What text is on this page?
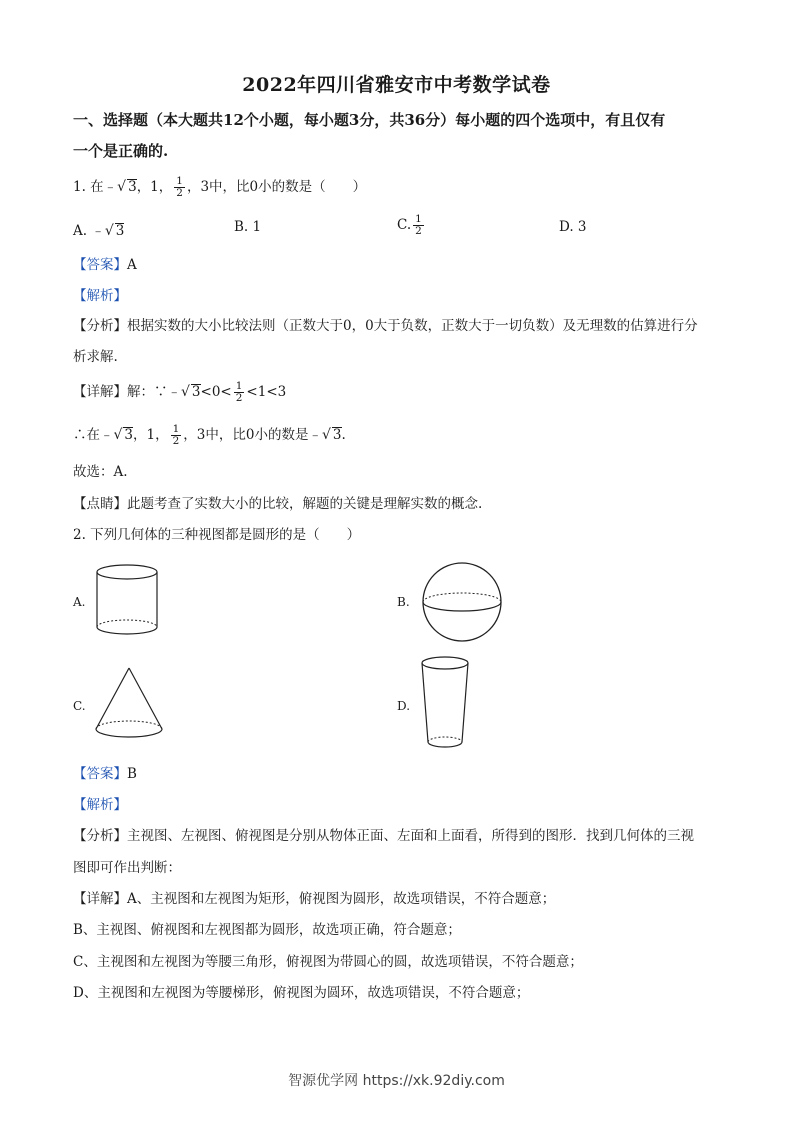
2022年四川省雅安市中考数学试卷
一、选择题（本大题共12个小题，每小题3分，共36分）每小题的四个选项中，有且仅有
一个是正确的.
1. 在﹣√ 3，1， $\frac{1}{2}$ ，3中，比0小的数是（　　）
A. ﹣√ 3	B. 1	C. $\frac{1}{2}$	D. 3
【答案】A
【解析】
【分析】根据实数的大小比较法则（正数大于0，0大于负数，正数大于一切负数）及无理数的估算进行分
析求解.
【详解】解：∵﹣√ $3<0< \frac{1}{2} <1<3$
∴在﹣√ 3，1， $\frac{1}{2}$ ，3中，比0小的数是﹣√ 3.
故选：A.
【点睛】此题考查了实数大小的比较，解题的关键是理解实数的概念.
2. 下列几何体的三种视图都是圆形的是（　　）
A.	B.
C.	D.
【答案】B
【解析】
【分析】主视图、左视图、俯视图是分别从物体正面、左面和上面看，所得到的图形．找到几何体的三视
图即可作出判断：
【详解】A、主视图和左视图为矩形，俯视图为圆形，故选项错误，不符合题意；
B、主视图、俯视图和左视图都为圆形，故选项正确，符合题意；
C、主视图和左视图为等腰三角形，俯视图为带圆心的圆，故选项错误，不符合题意；
D、主视图和左视图为等腰梯形，俯视图为圆环，故选项错误，不符合题意；
智源优学网 https://xk.92diy.com
